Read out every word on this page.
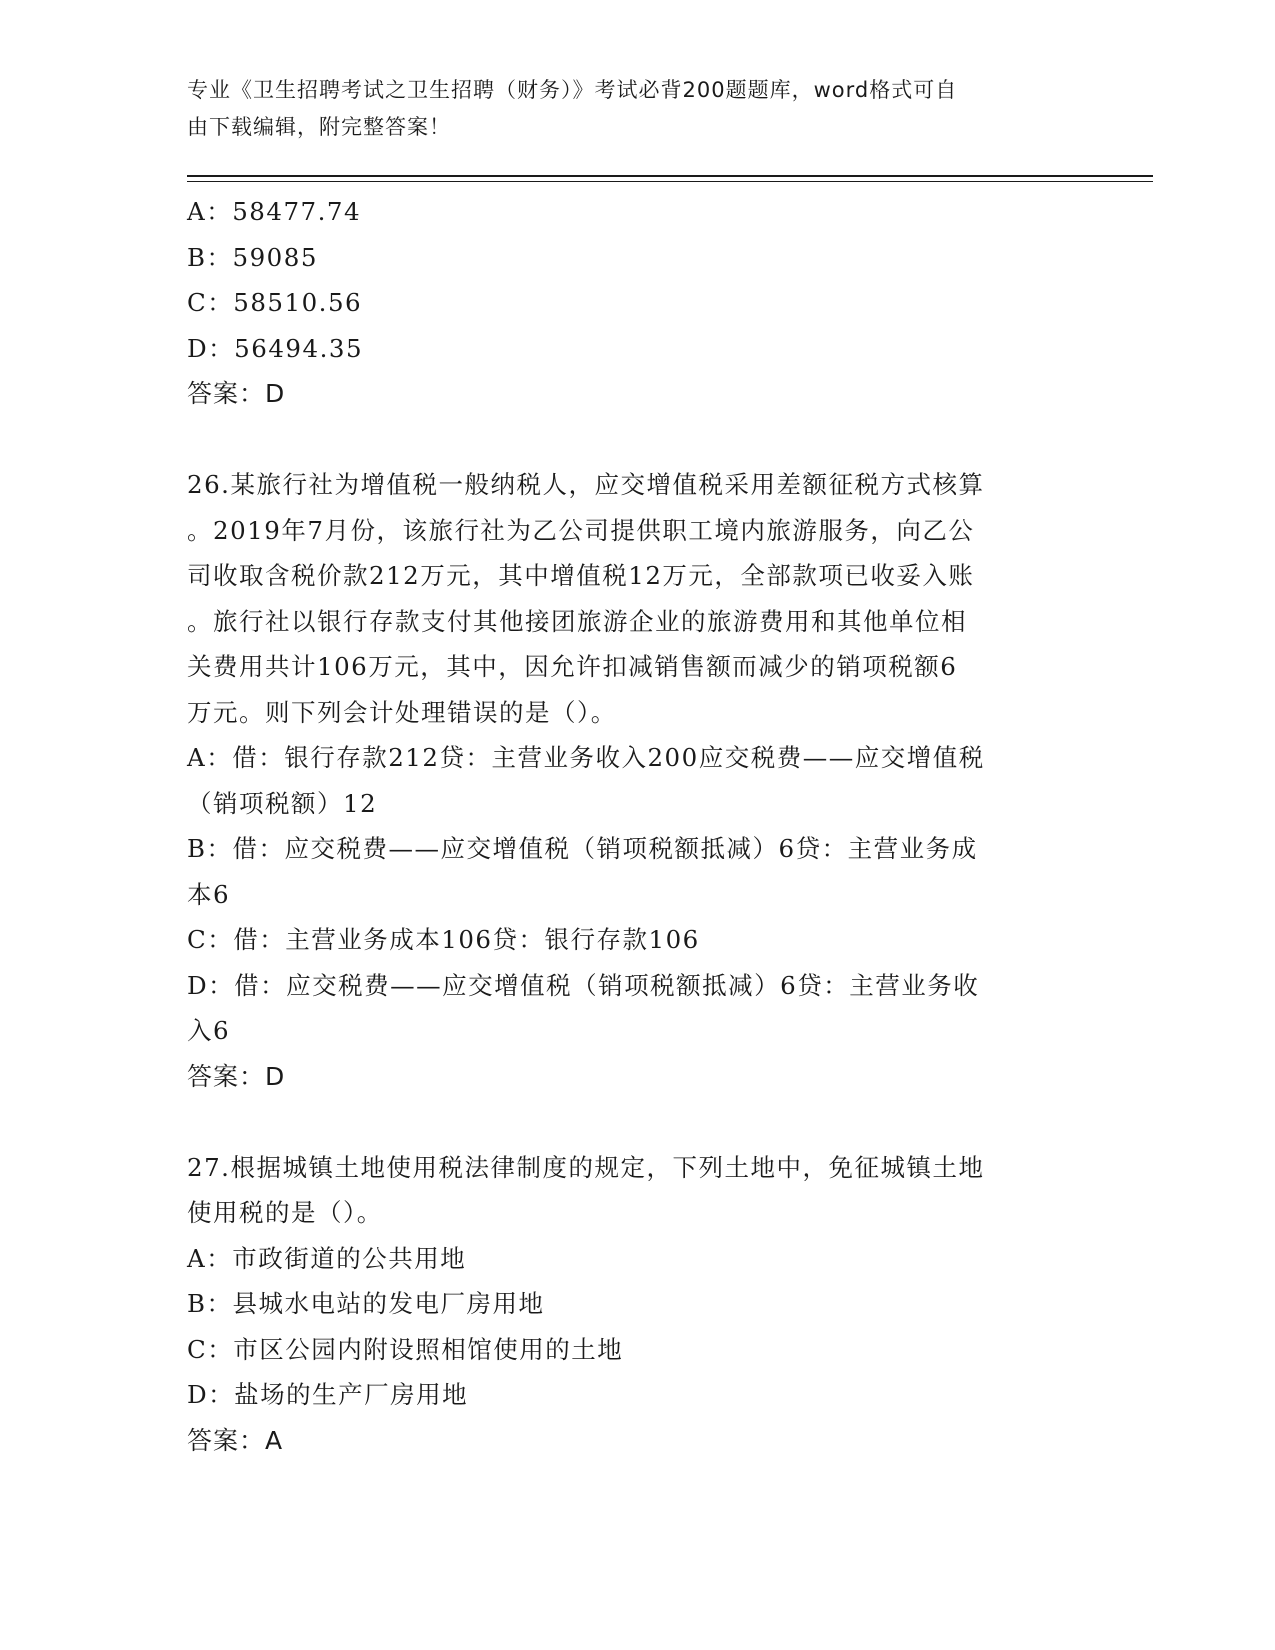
专业《卫生招聘考试之卫生招聘（财务）》考试必背200题题库，word格式可自
由下载编辑，附完整答案！
A：58477.74
B：59085
C：58510.56
D：56494.35
答案：D
26.某旅行社为增值税一般纳税人，应交增值税采用差额征税方式核算
。2019年7月份，该旅行社为乙公司提供职工境内旅游服务，向乙公
司收取含税价款212万元，其中增值税12万元，全部款项已收妥入账
。旅行社以银行存款支付其他接团旅游企业的旅游费用和其他单位相
关费用共计106万元，其中，因允许扣减销售额而减少的销项税额6
万元。则下列会计处理错误的是（）。
A：借：银行存款212贷：主营业务收入200应交税费——应交增值税
（销项税额）12
B：借：应交税费——应交增值税（销项税额抵减）6贷：主营业务成
本6
C：借：主营业务成本106贷：银行存款106
D：借：应交税费——应交增值税（销项税额抵减）6贷：主营业务收
入6
答案：D
27.根据城镇土地使用税法律制度的规定，下列土地中，免征城镇土地
使用税的是（）。
A：市政街道的公共用地
B：县城水电站的发电厂房用地
C：市区公园内附设照相馆使用的土地
D：盐场的生产厂房用地
答案：A
